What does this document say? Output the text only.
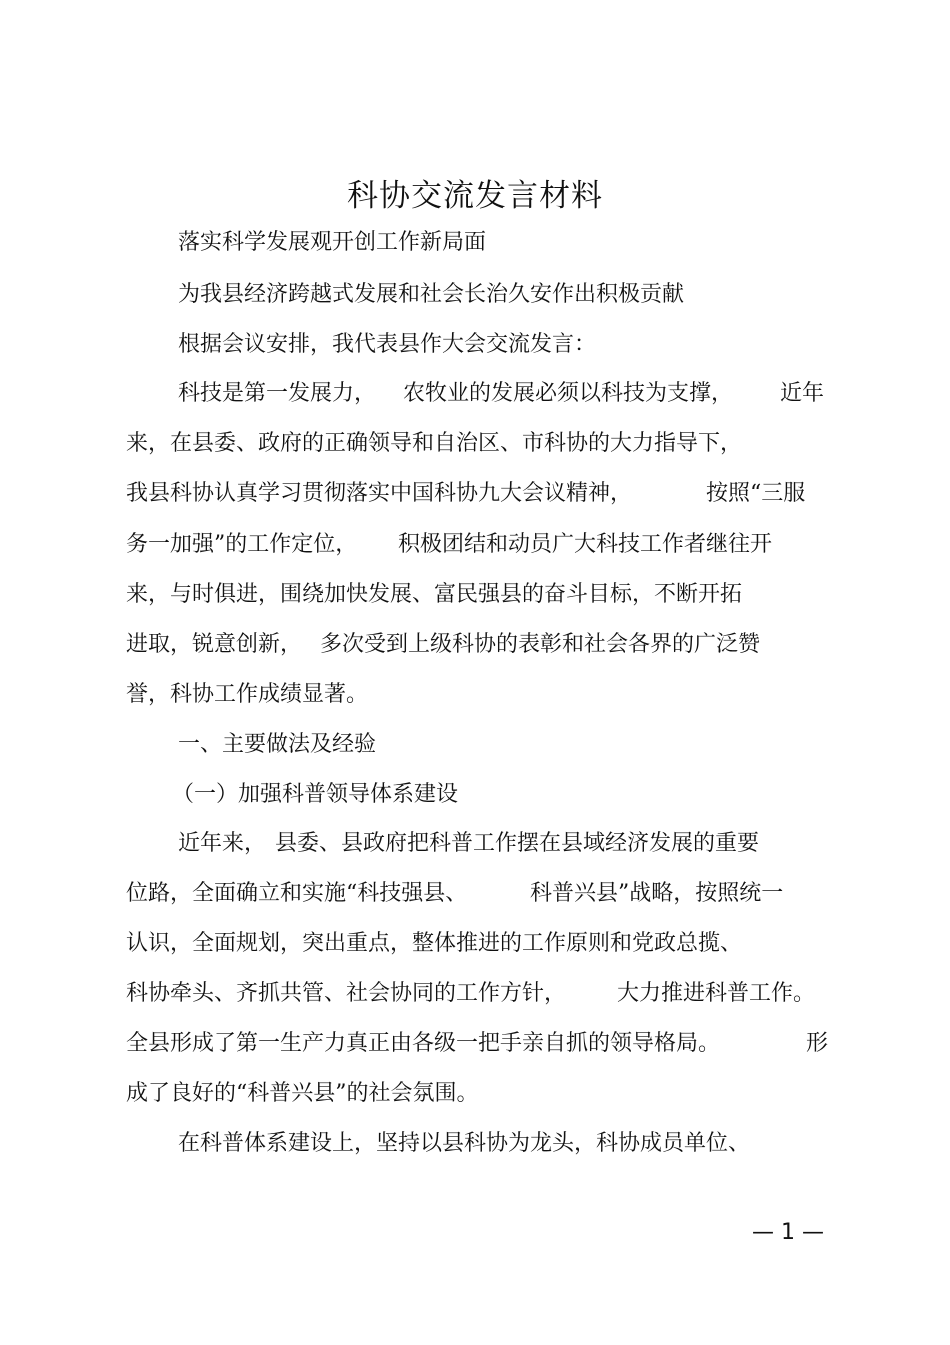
科协交流发言材料

落实科学发展观开创工作新局面

为我县经济跨越式发展和社会长治久安作出积极贡献

根据会议安排，我代表县作大会交流发言：

科技是第一发展力， 农牧业的发展必须以科技为支撑， 近年

来，在县委、政府的正确领导和自治区、市科协的大力指导下，

我县科协认真学习贯彻落实中国科协九大会议精神，	按照“三服
务一加强”的工作定位， 积极团结和动员广大科技工作者继往开

来，与时俱进，围绕加快发展、富民强县的奋斗目标，不断开拓

进取，锐意创新， 多次受到上级科协的表彰和社会各界的广泛赞

誉，科协工作成绩显著。

一、主要做法及经验

（一）加强科普领导体系建设

近年来， 县委、县政府把科普工作摆在县域经济发展的重要
位路，全面确立和实施“科技强县、	科普兴县”战略，按照统一

认识，全面规划，突出重点，整体推进的工作原则和党政总揽、

科协牵头、齐抓共管、社会协同的工作方针， 大力推进科普工作。
全县形成了第一生产力真正由各级一把手亲自抓的领导格局。	形

成了良好的“科普兴县”的社会氛围。

在科普体系建设上，坚持以县科协为龙头，科协成员单位、

— 1 —
